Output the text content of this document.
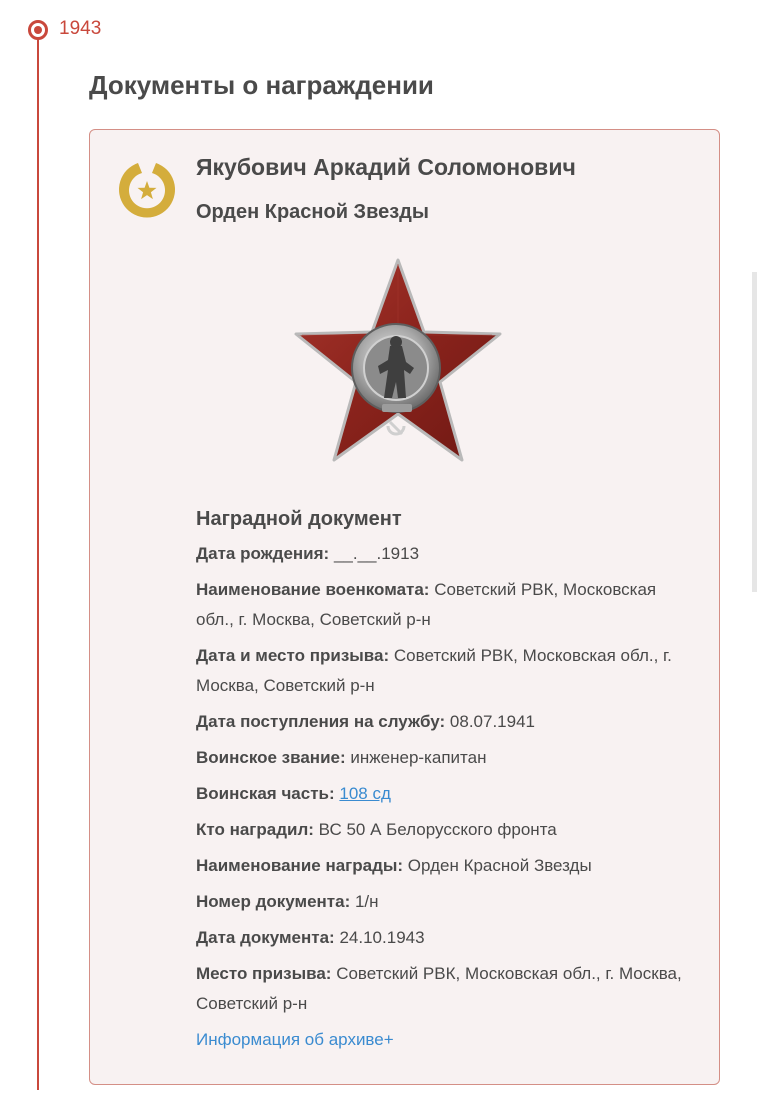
1943
Документы о награждении
Якубович Аркадий Соломонович
Орден Красной Звезды
Наградной документ
Дата рождения: __.__.1913
Наименование военкомата: Советский РВК, Московская обл., г. Москва, Советский р-н
Дата и место призыва: Советский РВК, Московская обл., г. Москва, Советский р-н
Дата поступления на службу: 08.07.1941
Воинское звание: инженер-капитан
Воинская часть: 108 сд
Кто наградил: ВС 50 А Белорусского фронта
Наименование награды: Орден Красной Звезды
Номер документа: 1/н
Дата документа: 24.10.1943
Место призыва: Советский РВК, Московская обл., г. Москва, Советский р-н
Информация об архиве+
